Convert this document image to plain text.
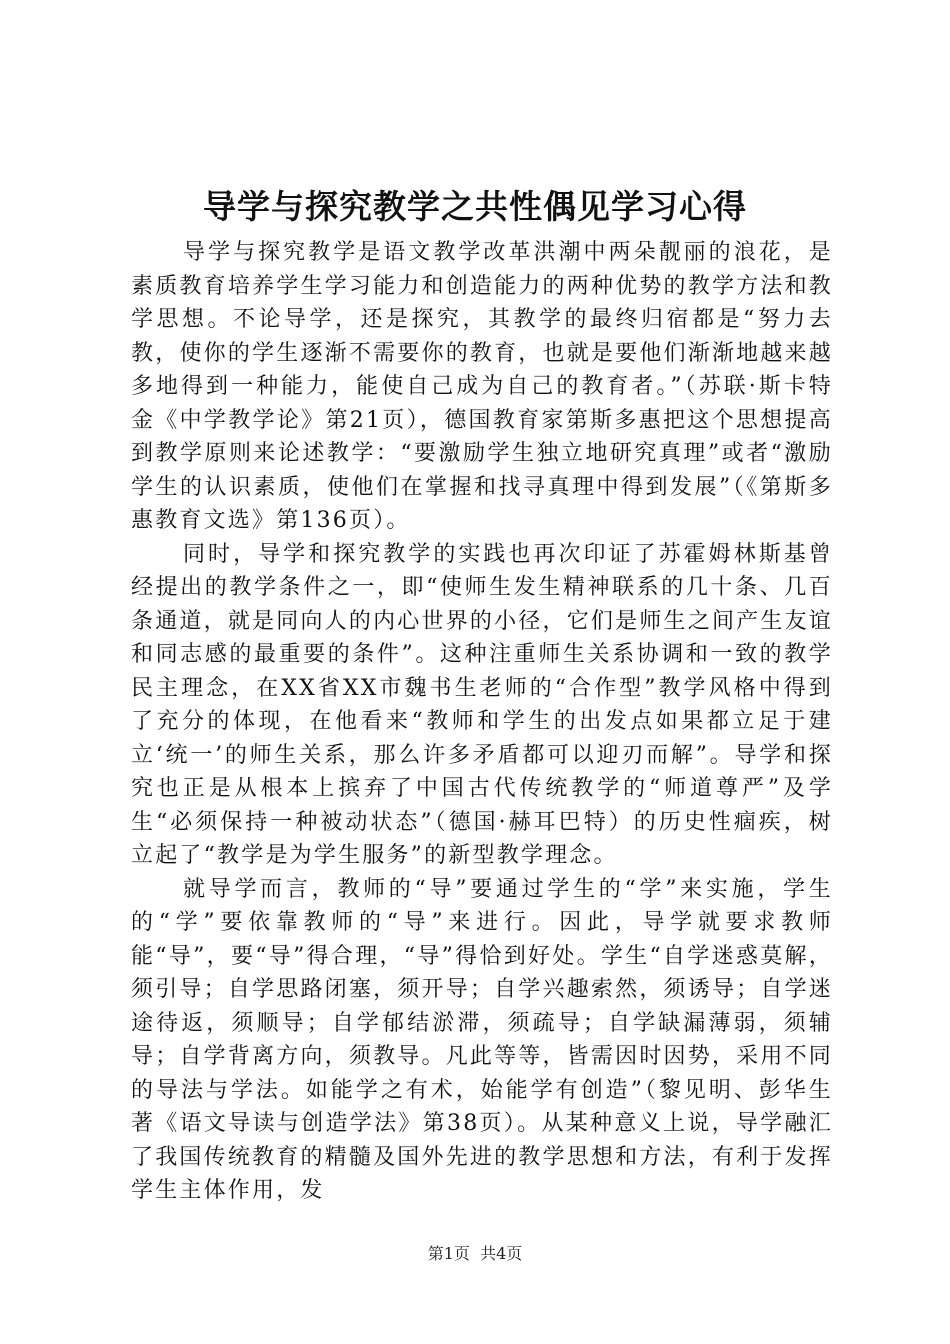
导学与探究教学之共性偶见学习心得

导学与探究教学是语文教学改革洪潮中两朵靓丽的浪花，是素质教育培养学生学习能力和创造能力的两种优势的教学方法和教学思想。不论导学，还是探究，其教学的最终归宿都是“努力去教，使你的学生逐渐不需要你的教育，也就是要他们渐渐地越来越多地得到一种能力，能使自己成为自己的教育者。”（苏联·斯卡特金《中学教学论》第21页），德国教育家第斯多惠把这个思想提高到教学原则来论述教学：“要激励学生独立地研究真理”或者“激励学生的认识素质，使他们在掌握和找寻真理中得到发展”（《第斯多惠教育文选》第136页）。

同时，导学和探究教学的实践也再次印证了苏霍姆林斯基曾经提出的教学条件之一，即“使师生发生精神联系的几十条、几百条通道，就是同向人的内心世界的小径，它们是师生之间产生友谊和同志感的最重要的条件”。这种注重师生关系协调和一致的教学民主理念，在XX省XX市魏书生老师的“合作型”教学风格中得到了充分的体现，在他看来“教师和学生的出发点如果都立足于建立‘统一’的师生关系，那么许多矛盾都可以迎刃而解”。导学和探究也正是从根本上摈弃了中国古代传统教学的“师道尊严”及学生“必须保持一种被动状态”（德国·赫耳巴特）的历史性痼疾，树立起了“教学是为学生服务”的新型教学理念。

就导学而言，教师的“导”要通过学生的“学”来实施，学生的“学”要依靠教师的“导”来进行。因此，导学就要求教师能“导”，要“导”得合理，“导”得恰到好处。学生“自学迷惑莫解，须引导；自学思路闭塞，须开导；自学兴趣索然，须诱导；自学迷途待返，须顺导；自学郁结淤滞，须疏导；自学缺漏薄弱，须辅导；自学背离方向，须教导。凡此等等，皆需因时因势，采用不同的导法与学法。如能学之有术，始能学有创造”（黎见明、彭华生著《语文导读与创造学法》第38页）。从某种意义上说，导学融汇了我国传统教育的精髓及国外先进的教学思想和方法，有利于发挥学生主体作用，发

第1页 共4页
